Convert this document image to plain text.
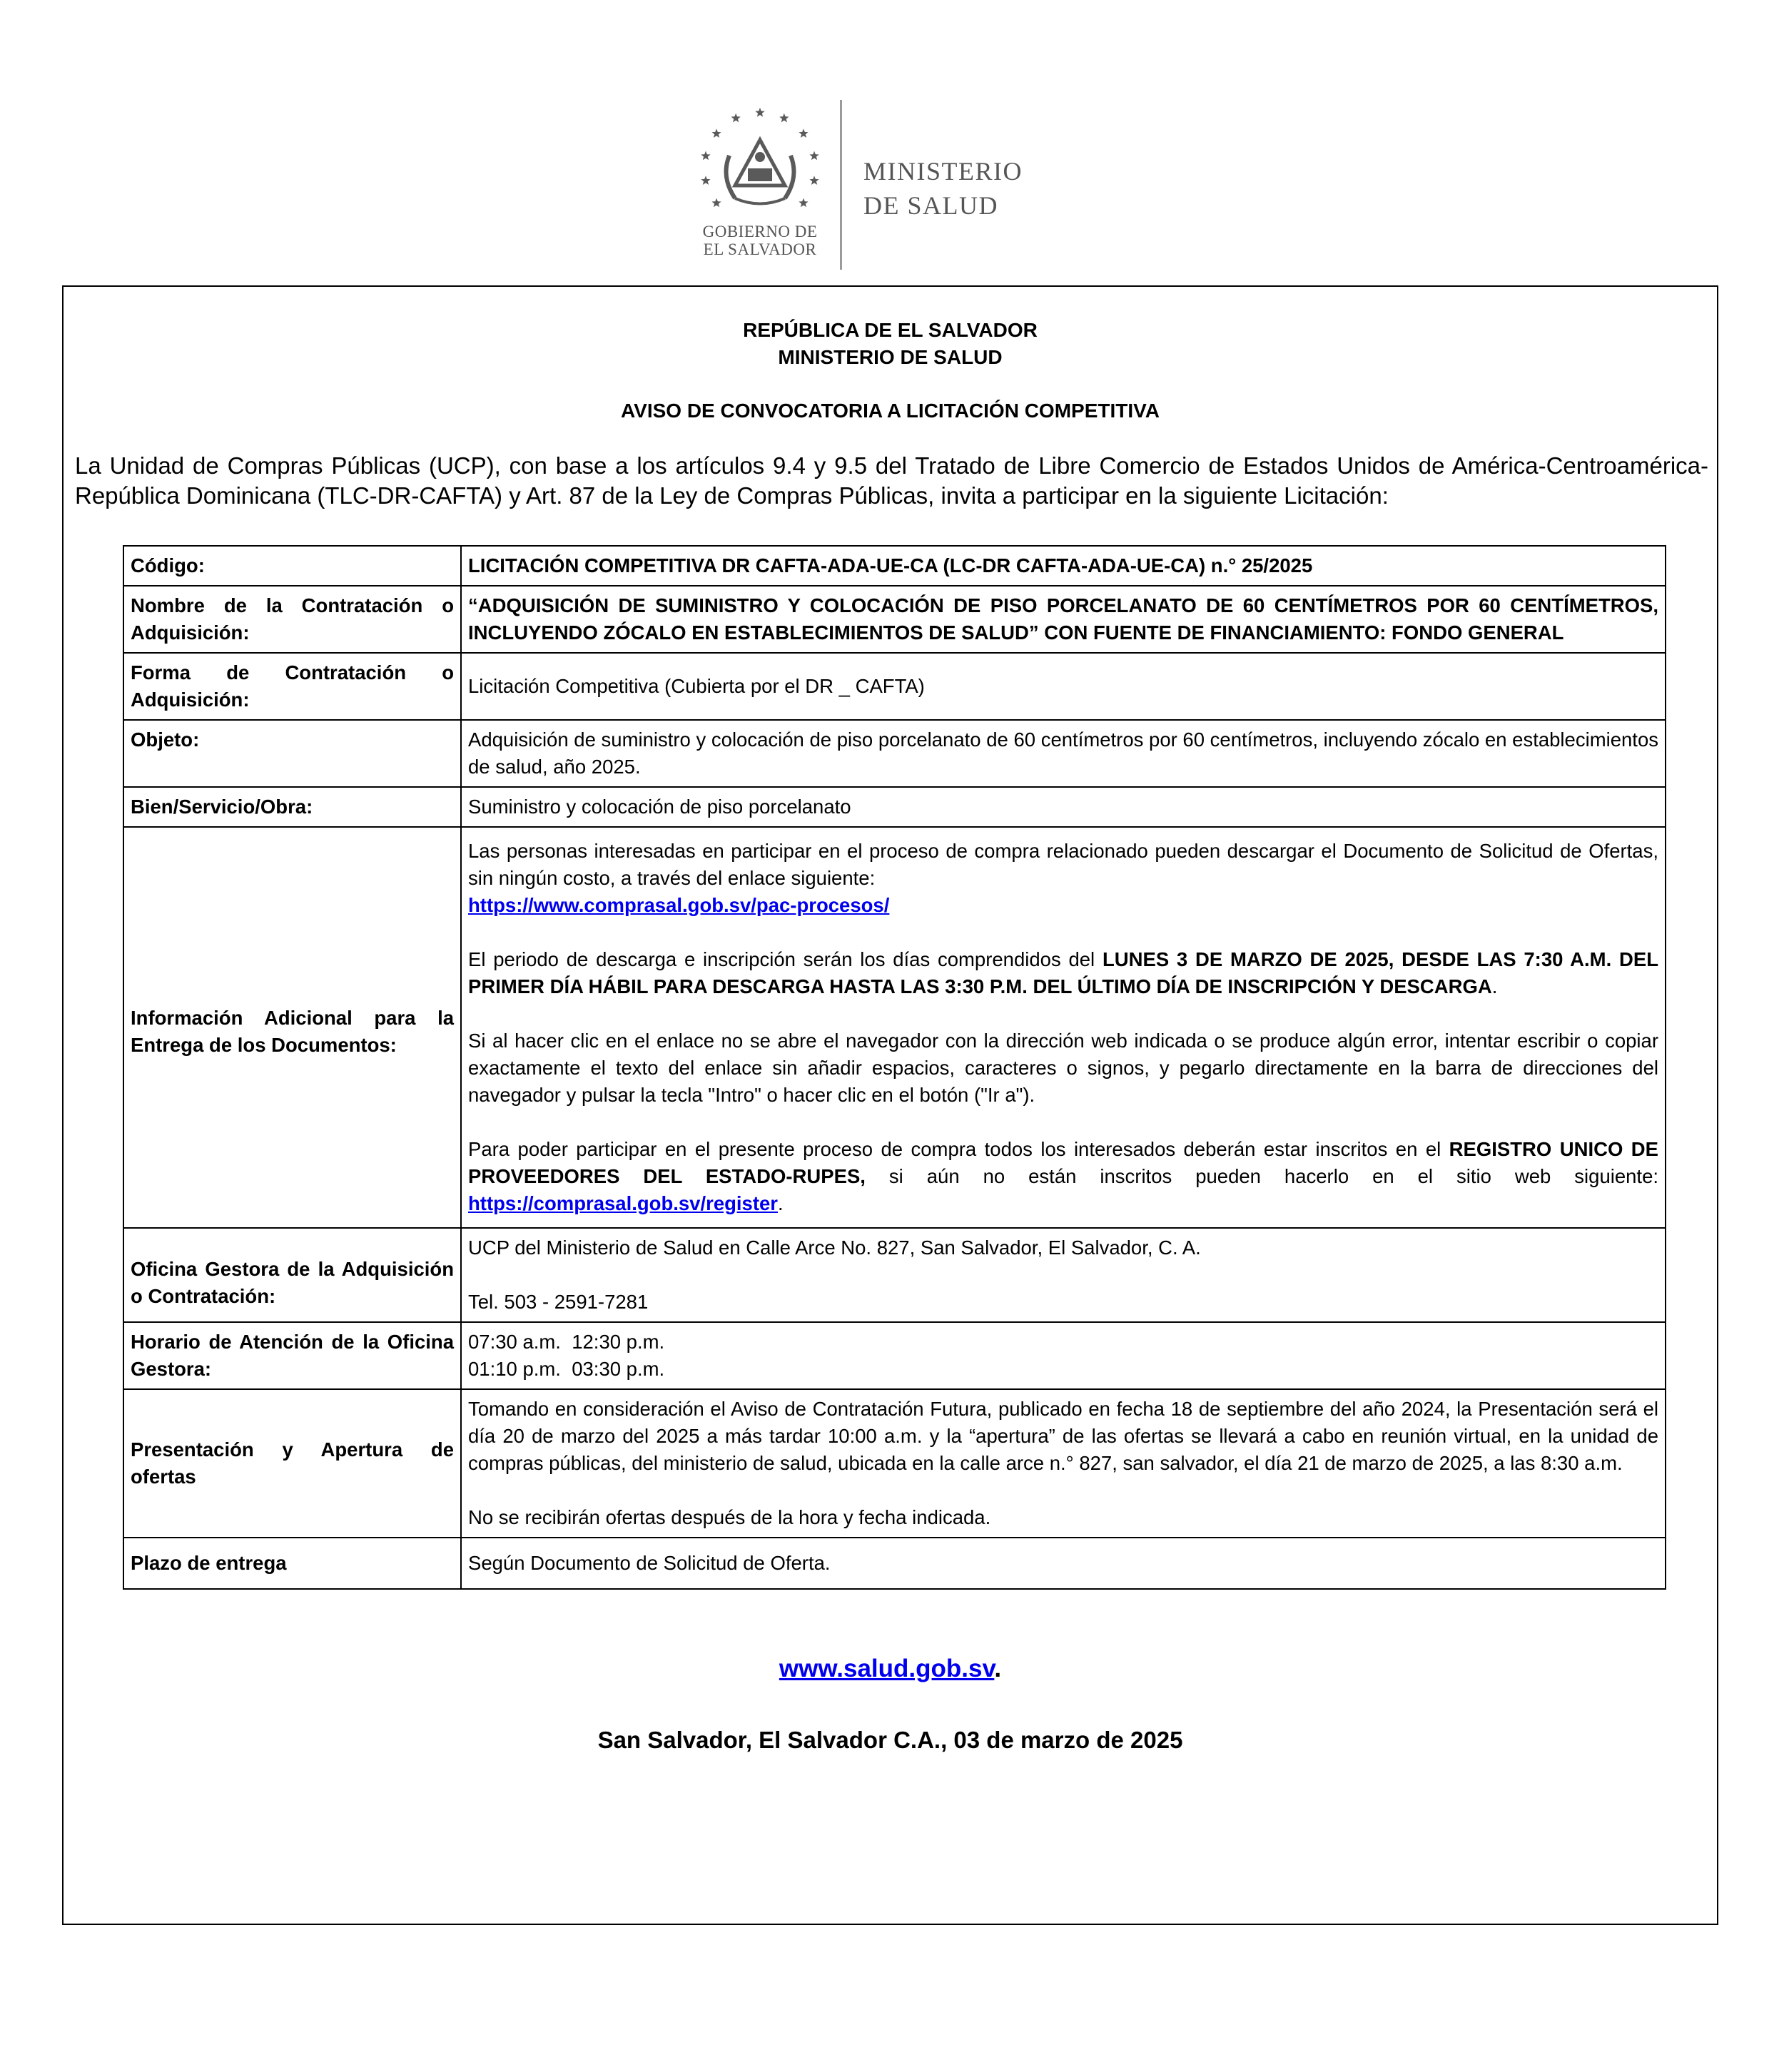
GOBIERNO DE
EL SALVADOR
MINISTERIO
DE SALUD
REPÚBLICA DE EL SALVADOR
MINISTERIO DE SALUD
AVISO DE CONVOCATORIA A LICITACIÓN COMPETITIVA
La Unidad de Compras Públicas (UCP), con base a los artículos 9.4 y 9.5 del Tratado de Libre Comercio de Estados Unidos de América-Centroamérica-República Dominicana (TLC-DR-CAFTA) y Art. 87 de la Ley de Compras Públicas, invita a participar en la siguiente Licitación:
Código:	LICITACIÓN COMPETITIVA DR CAFTA-ADA-UE-CA (LC-DR CAFTA-ADA-UE-CA) n.° 25/2025
Nombre de la Contratación o Adquisición:	“ADQUISICIÓN DE SUMINISTRO Y COLOCACIÓN DE PISO PORCELANATO DE 60 CENTÍMETROS POR 60 CENTÍMETROS, INCLUYENDO ZÓCALO EN ESTABLECIMIENTOS DE SALUD” CON FUENTE DE FINANCIAMIENTO: FONDO GENERAL
Forma de Contratación o Adquisición:	Licitación Competitiva (Cubierta por el DR _ CAFTA)
Objeto:	Adquisición de suministro y colocación de piso porcelanato de 60 centímetros por 60 centímetros, incluyendo zócalo en establecimientos de salud, año 2025.
Bien/Servicio/Obra:	Suministro y colocación de piso porcelanato
Información Adicional para la Entrega de los Documentos:	Las personas interesadas en participar en el proceso de compra relacionado pueden descargar el Documento de Solicitud de Ofertas, sin ningún costo, a través del enlace siguiente:
https://www.comprasal.gob.sv/pac-procesos/

El periodo de descarga e inscripción serán los días comprendidos del LUNES 3 DE MARZO DE 2025, DESDE LAS 7:30 A.M. DEL PRIMER DÍA HÁBIL PARA DESCARGA HASTA LAS 3:30 P.M. DEL ÚLTIMO DÍA DE INSCRIPCIÓN Y DESCARGA.

Si al hacer clic en el enlace no se abre el navegador con la dirección web indicada o se produce algún error, intentar escribir o copiar exactamente el texto del enlace sin añadir espacios, caracteres o signos, y pegarlo directamente en la barra de direcciones del navegador y pulsar la tecla "Intro" o hacer clic en el botón ("Ir a").

Para poder participar en el presente proceso de compra todos los interesados deberán estar inscritos en el REGISTRO UNICO DE PROVEEDORES DEL ESTADO-RUPES, si aún no están inscritos pueden hacerlo en el sitio web siguiente: https://comprasal.gob.sv/register.

Oficina Gestora de la Adquisición o Contratación:	UCP del Ministerio de Salud en Calle Arce No. 827, San Salvador, El Salvador, C. A.
Tel. 503 - 2591-7281

Horario de Atención de la Oficina Gestora:	07:30 a.m.  12:30 p.m.
01:10 p.m.  03:30 p.m.

Presentación y Apertura de ofertas	Tomando en consideración el Aviso de Contratación Futura, publicado en fecha 18 de septiembre del año 2024, la Presentación será el día 20 de marzo del 2025 a más tardar 10:00 a.m. y la “apertura” de las ofertas se llevará a cabo en reunión virtual, en la unidad de compras públicas, del ministerio de salud, ubicada en la calle arce n.° 827, san salvador, el día 21 de marzo de 2025, a las 8:30 a.m.

No se recibirán ofertas después de la hora y fecha indicada.

Plazo de entrega	Según Documento de Solicitud de Oferta.
www.salud.gob.sv.
San Salvador, El Salvador C.A., 03 de marzo de 2025
